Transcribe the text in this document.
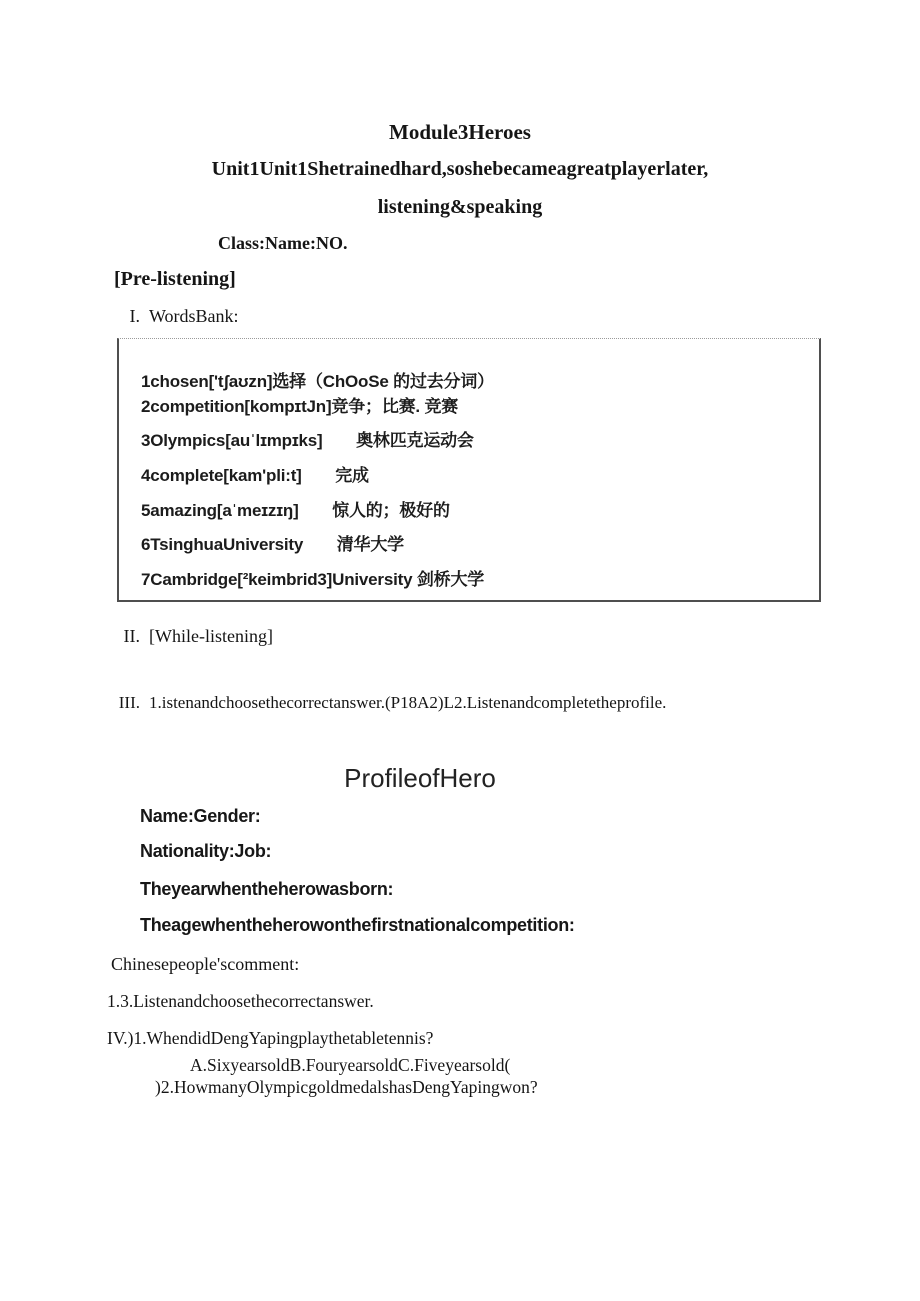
Module3Heroes
Unit1Unit1Shetrainedhard,soshebecameagreatplayerlater,
listening&speaking
Class:Name:NO.
[Pre-listening]
I. WordsBank:
1chosen['tʃaʊzn]选择（ChOoSe 的过去分词）
2competition[kompɪtJn]竞争；比赛. 竞赛
3Olympics[auˈlɪmpɪks]　　奥林匹克运动会
4complete[kam'pli:t]　　完成
5amazing[aˈmeɪzɪŋ]　　惊人的；极好的
6TsinghuaUniversity　　清华大学
7Cambridge[²keimbrid3]University 剑桥大学
II. [While-listening]
III. 1.istenandchoosethecorrectanswer.(P18A2)L2.Listenandcompletetheprofile.
ProfileofHero
Name:Gender:
Nationality:Job:
Theyearwhentheherowasborn:
Theagewhentheherowonthefirstnationalcompetition:
Chinesepeople'scomment:
1.3.Listenandchoosethecorrectanswer.
IV.)1.WhendidDengYapingplaythetabletennis?
A.SixyearsoldB.FouryearsoldC.Fiveyearsold(
)2.HowmanyOlympicgoldmedalshasDengYapingwon?
